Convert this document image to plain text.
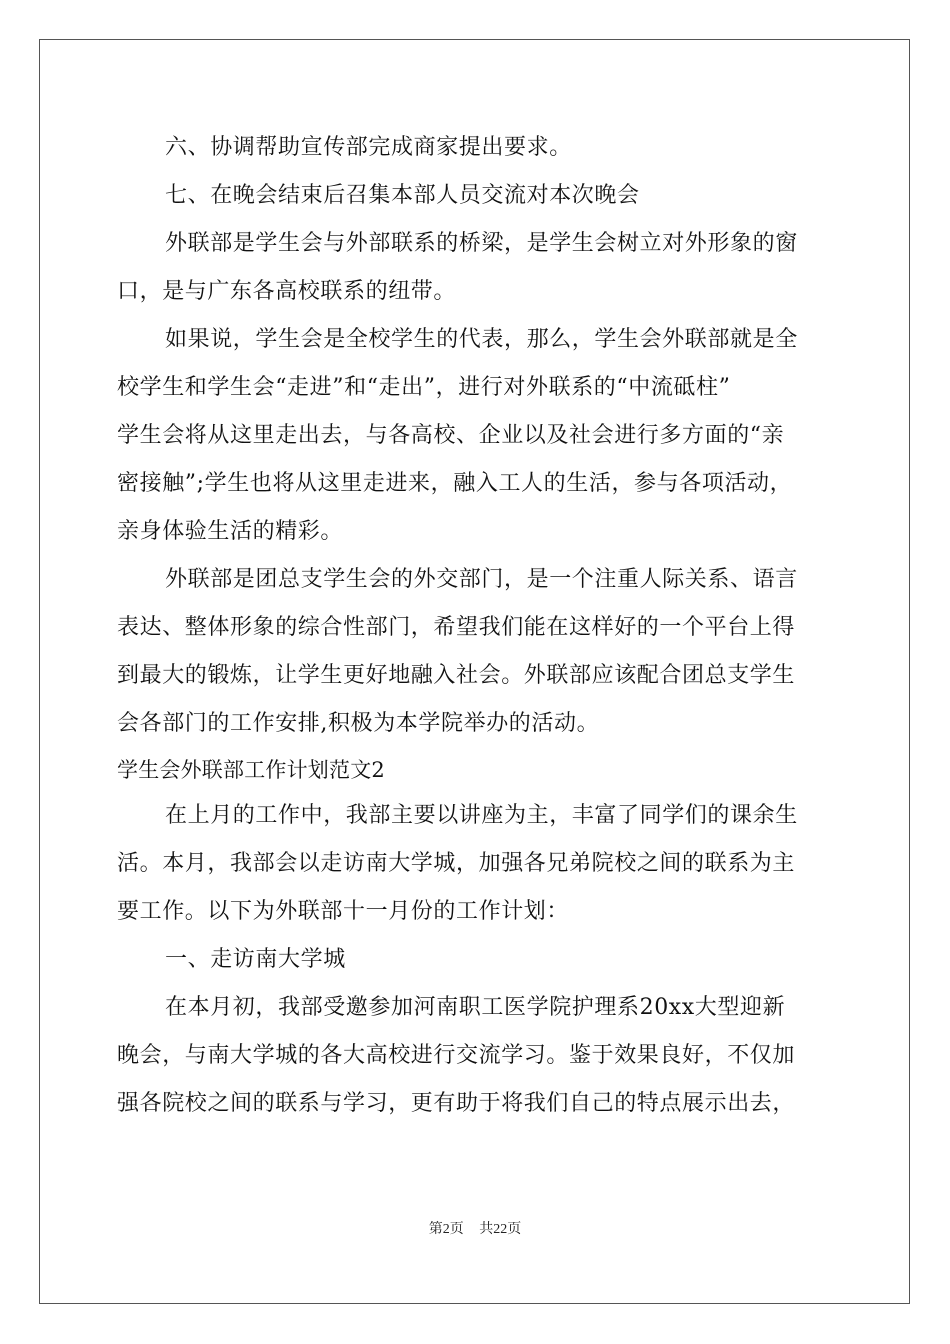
六、协调帮助宣传部完成商家提出要求。
七、在晚会结束后召集本部人员交流对本次晚会
外联部是学生会与外部联系的桥梁，是学生会树立对外形象的窗
口，是与广东各高校联系的纽带。
如果说，学生会是全校学生的代表，那么，学生会外联部就是全
校学生和学生会“走进”和“走出”，进行对外联系的“中流砥柱”
学生会将从这里走出去，与各高校、企业以及社会进行多方面的“亲
密接触”;学生也将从这里走进来，融入工人的生活，参与各项活动，
亲身体验生活的精彩。
外联部是团总支学生会的外交部门，是一个注重人际关系、语言
表达、整体形象的综合性部门，希望我们能在这样好的一个平台上得
到最大的锻炼，让学生更好地融入社会。外联部应该配合团总支学生
会各部门的工作安排,积极为本学院举办的活动。
学生会外联部工作计划范文2
在上月的工作中，我部主要以讲座为主，丰富了同学们的课余生
活。本月，我部会以走访南大学城，加强各兄弟院校之间的联系为主
要工作。以下为外联部十一月份的工作计划：
一、走访南大学城
在本月初，我部受邀参加河南职工医学院护理系20xx大型迎新
晚会，与南大学城的各大高校进行交流学习。鉴于效果良好，不仅加
强各院校之间的联系与学习，更有助于将我们自己的特点展示出去，
第2页 共22页
